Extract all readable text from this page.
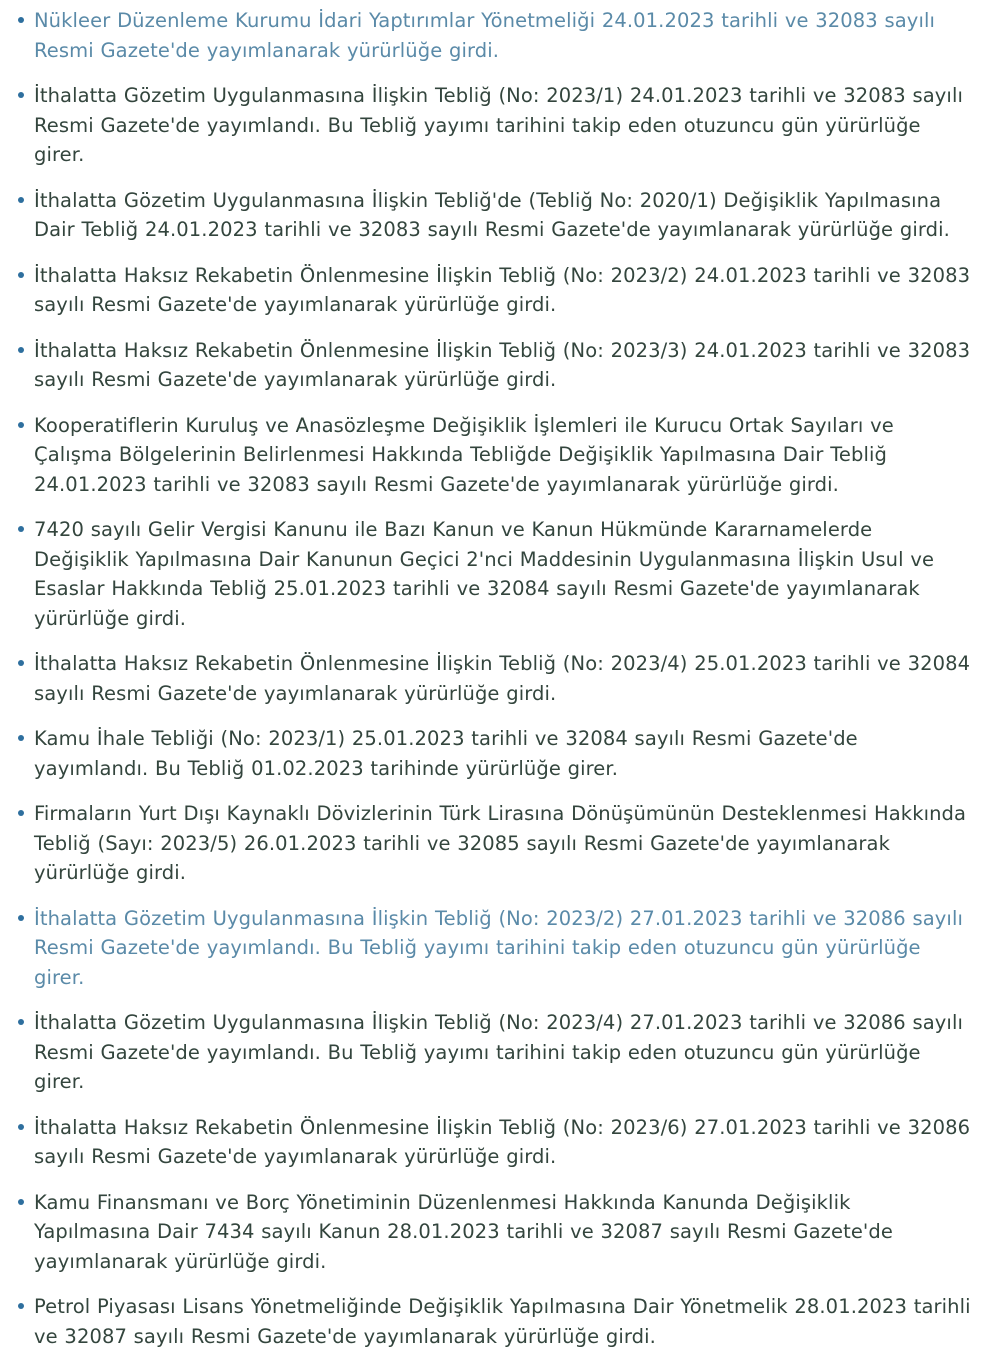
Nükleer Düzenleme Kurumu İdari Yaptırımlar Yönetmeliği 24.01.2023 tarihli ve 32083 sayılı Resmi Gazete'de yayımlanarak yürürlüğe girdi.
İthalatta Gözetim Uygulanmasına İlişkin Tebliğ (No: 2023/1) 24.01.2023 tarihli ve 32083 sayılı Resmi Gazete'de yayımlandı. Bu Tebliğ yayımı tarihini takip eden otuzuncu gün yürürlüğe girer.
İthalatta Gözetim Uygulanmasına İlişkin Tebliğ'de (Tebliğ No: 2020/1) Değişiklik Yapılmasına Dair Tebliğ 24.01.2023 tarihli ve 32083 sayılı Resmi Gazete'de yayımlanarak yürürlüğe girdi.
İthalatta Haksız Rekabetin Önlenmesine İlişkin Tebliğ (No: 2023/2) 24.01.2023 tarihli ve 32083 sayılı Resmi Gazete'de yayımlanarak yürürlüğe girdi.
İthalatta Haksız Rekabetin Önlenmesine İlişkin Tebliğ (No: 2023/3) 24.01.2023 tarihli ve 32083 sayılı Resmi Gazete'de yayımlanarak yürürlüğe girdi.
Kooperatiflerin Kuruluş ve Anasözleşme Değişiklik İşlemleri ile Kurucu Ortak Sayıları ve Çalışma Bölgelerinin Belirlenmesi Hakkında Tebliğde Değişiklik Yapılmasına Dair Tebliğ 24.01.2023 tarihli ve 32083 sayılı Resmi Gazete'de yayımlanarak yürürlüğe girdi.
7420 sayılı Gelir Vergisi Kanunu ile Bazı Kanun ve Kanun Hükmünde Kararnamelerde Değişiklik Yapılmasına Dair Kanunun Geçici 2'nci Maddesinin Uygulanmasına İlişkin Usul ve Esaslar Hakkında Tebliğ 25.01.2023 tarihli ve 32084 sayılı Resmi Gazete'de yayımlanarak yürürlüğe girdi.
İthalatta Haksız Rekabetin Önlenmesine İlişkin Tebliğ (No: 2023/4) 25.01.2023 tarihli ve 32084 sayılı Resmi Gazete'de yayımlanarak yürürlüğe girdi.
Kamu İhale Tebliği (No: 2023/1) 25.01.2023 tarihli ve 32084 sayılı Resmi Gazete'de yayımlandı. Bu Tebliğ 01.02.2023 tarihinde yürürlüğe girer.
Firmaların Yurt Dışı Kaynaklı Dövizlerinin Türk Lirasına Dönüşümünün Desteklenmesi Hakkında Tebliğ (Sayı: 2023/5) 26.01.2023 tarihli ve 32085 sayılı Resmi Gazete'de yayımlanarak yürürlüğe girdi.
İthalatta Gözetim Uygulanmasına İlişkin Tebliğ (No: 2023/2) 27.01.2023 tarihli ve 32086 sayılı Resmi Gazete'de yayımlandı. Bu Tebliğ yayımı tarihini takip eden otuzuncu gün yürürlüğe girer.
İthalatta Gözetim Uygulanmasına İlişkin Tebliğ (No: 2023/4) 27.01.2023 tarihli ve 32086 sayılı Resmi Gazete'de yayımlandı. Bu Tebliğ yayımı tarihini takip eden otuzuncu gün yürürlüğe girer.
İthalatta Haksız Rekabetin Önlenmesine İlişkin Tebliğ (No: 2023/6) 27.01.2023 tarihli ve 32086 sayılı Resmi Gazete'de yayımlanarak yürürlüğe girdi.
Kamu Finansmanı ve Borç Yönetiminin Düzenlenmesi Hakkında Kanunda Değişiklik Yapılmasına Dair 7434 sayılı Kanun 28.01.2023 tarihli ve 32087 sayılı Resmi Gazete'de yayımlanarak yürürlüğe girdi.
Petrol Piyasası Lisans Yönetmeliğinde Değişiklik Yapılmasına Dair Yönetmelik 28.01.2023 tarihli ve 32087 sayılı Resmi Gazete'de yayımlanarak yürürlüğe girdi.
